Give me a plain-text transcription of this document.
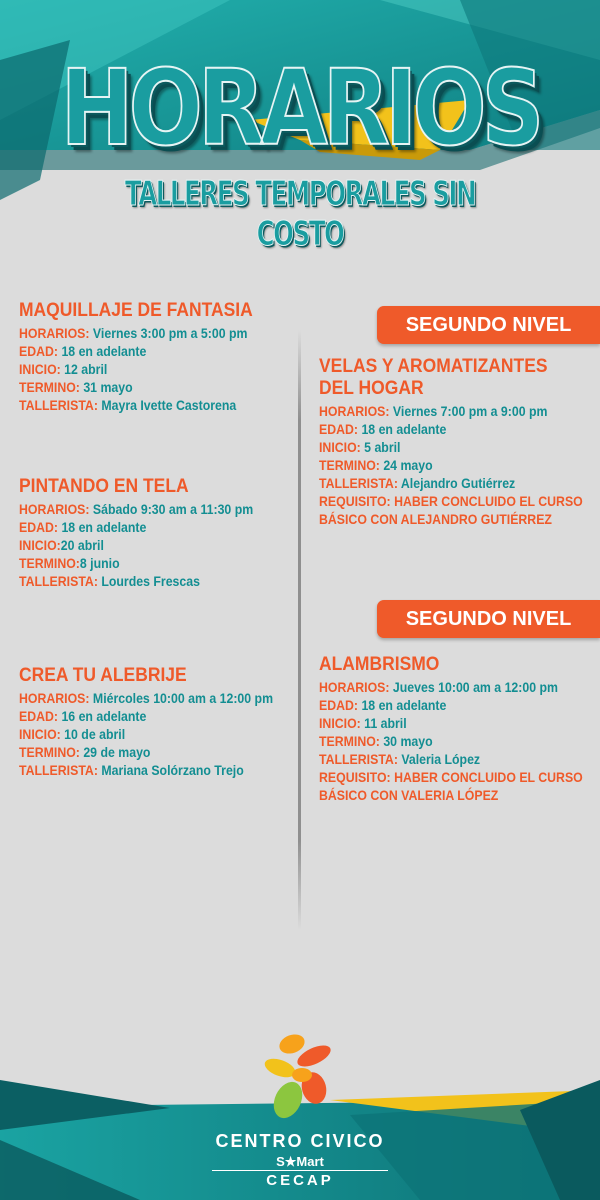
HORARIOS
TALLERES TEMPORALES SIN COSTO
MAQUILLAJE DE FANTASIA
HORARIOS: Viernes 3:00 pm a 5:00 pm
EDAD: 18 en adelante
INICIO: 12 abril
TERMINO: 31 mayo
TALLERISTA: Mayra Ivette Castorena
PINTANDO EN TELA
HORARIOS: Sábado 9:30 am a 11:30 pm
EDAD: 18 en adelante
INICIO:20 abril
TERMINO:8 junio
TALLERISTA: Lourdes Frescas
CREA TU ALEBRIJE
HORARIOS: Miércoles 10:00 am a 12:00 pm
EDAD: 16 en adelante
INICIO: 10 de abril
TERMINO: 29 de mayo
TALLERISTA: Mariana Solórzano Trejo
SEGUNDO NIVEL
SEGUNDO NIVEL
VELAS Y AROMATIZANTES
DEL HOGAR
HORARIOS: Viernes 7:00 pm a 9:00 pm
EDAD: 18 en adelante
INICIO: 5 abril
TERMINO: 24 mayo
TALLERISTA: Alejandro Gutiérrez
REQUISITO: HABER CONCLUIDO EL CURSO
BÁSICO CON ALEJANDRO GUTIÉRREZ
ALAMBRISMO
HORARIOS: Jueves 10:00 am a 12:00 pm
EDAD: 18 en adelante
INICIO: 11 abril
TERMINO: 30 mayo
TALLERISTA: Valeria López
REQUISITO: HABER CONCLUIDO EL CURSO
BÁSICO CON VALERIA LÓPEZ
CENTRO CIVICO
S★Mart
CECAP
